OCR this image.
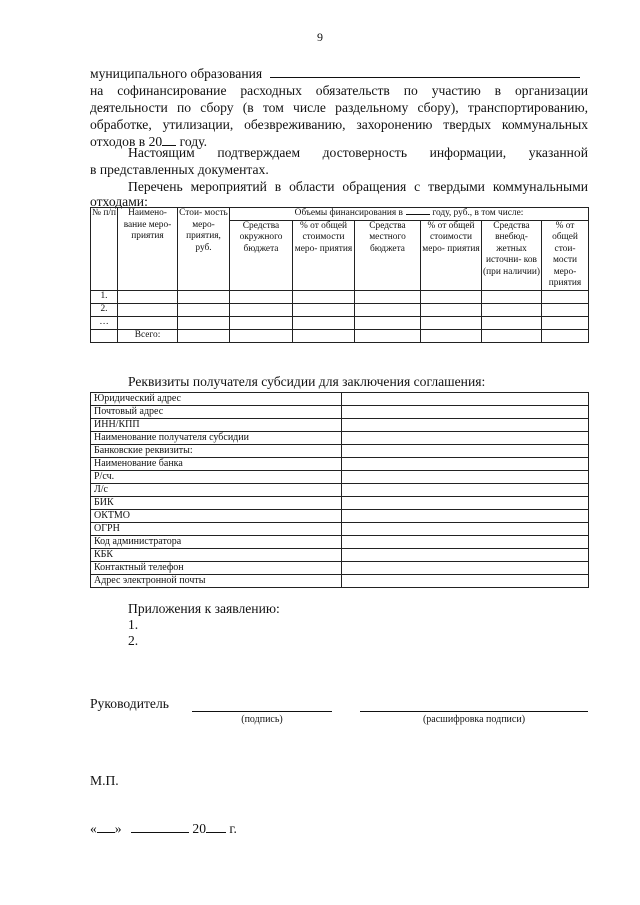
9
муниципального образования
на софинансирование расходных обязательств по участию в организации
деятельности по сбору (в том числе раздельному сбору), транспортированию,
обработке, утилизации, обезвреживанию, захоронению твердых коммунальных
отходов в 20 году.
Настоящим подтверждаем достоверность информации, указанной
в представленных документах.
Перечень мероприятий в области обращения с твердыми коммунальными
отходами:
№ п/п	Наимено- вание меро- приятия	Стои- мость меро- приятия, руб.	Объемы финансирования в году, руб., в том числе:					
			Средства окружного бюджета	% от общей стоимости меро- приятия	Средства местного бюджета	% от общей стоимости меро- приятия	Средства внебюд- жетных источни- ков (при наличии)	% от общей стои- мости меро- приятия
1.								
2.								
…								
	Всего:							
Реквизиты получателя субсидии для заключения соглашения:
Юридический адрес	
Почтовый адрес	
ИНН/КПП	
Наименование получателя субсидии	
Банковские реквизиты:	
Наименование банка	
Р/сч.	
Л/с	
БИК	
ОКТМО	
ОГРН	
Код администратора	
КБК	
Контактный телефон	
Адрес электронной почты	
Приложения к заявлению:
1.
2.
Руководитель
(подпись)	(расшифровка подписи)
М.П.
« »	20 г.
